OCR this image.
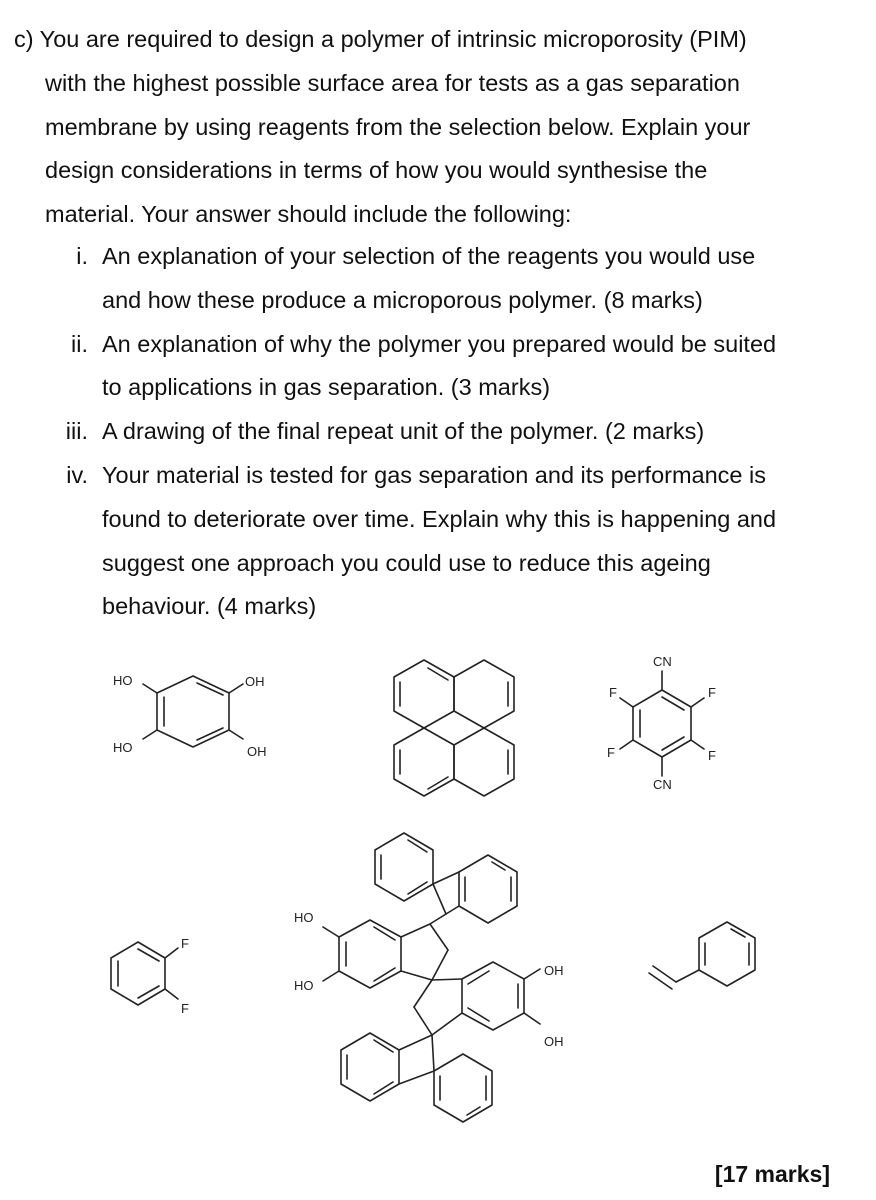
c) You are required to design a polymer of intrinsic microporosity (PIM)
with the highest possible surface area for tests as a gas separation
membrane by using reagents from the selection below. Explain your
design considerations in terms of how you would synthesise the
material. Your answer should include the following:
i. An explanation of your selection of the reagents you would use
and how these produce a microporous polymer. (8 marks)
ii. An explanation of why the polymer you prepared would be suited
to applications in gas separation. (3 marks)
iii. A drawing of the final repeat unit of the polymer. (2 marks)
iv. Your material is tested for gas separation and its performance is
found to deteriorate over time. Explain why this is happening and
suggest one approach you could use to reduce this ageing
behaviour. (4 marks)
HO	OH
HO	OH
CN
F	F
F	F
CN
F
F
HO
HO
OH
OH
[17 marks]
